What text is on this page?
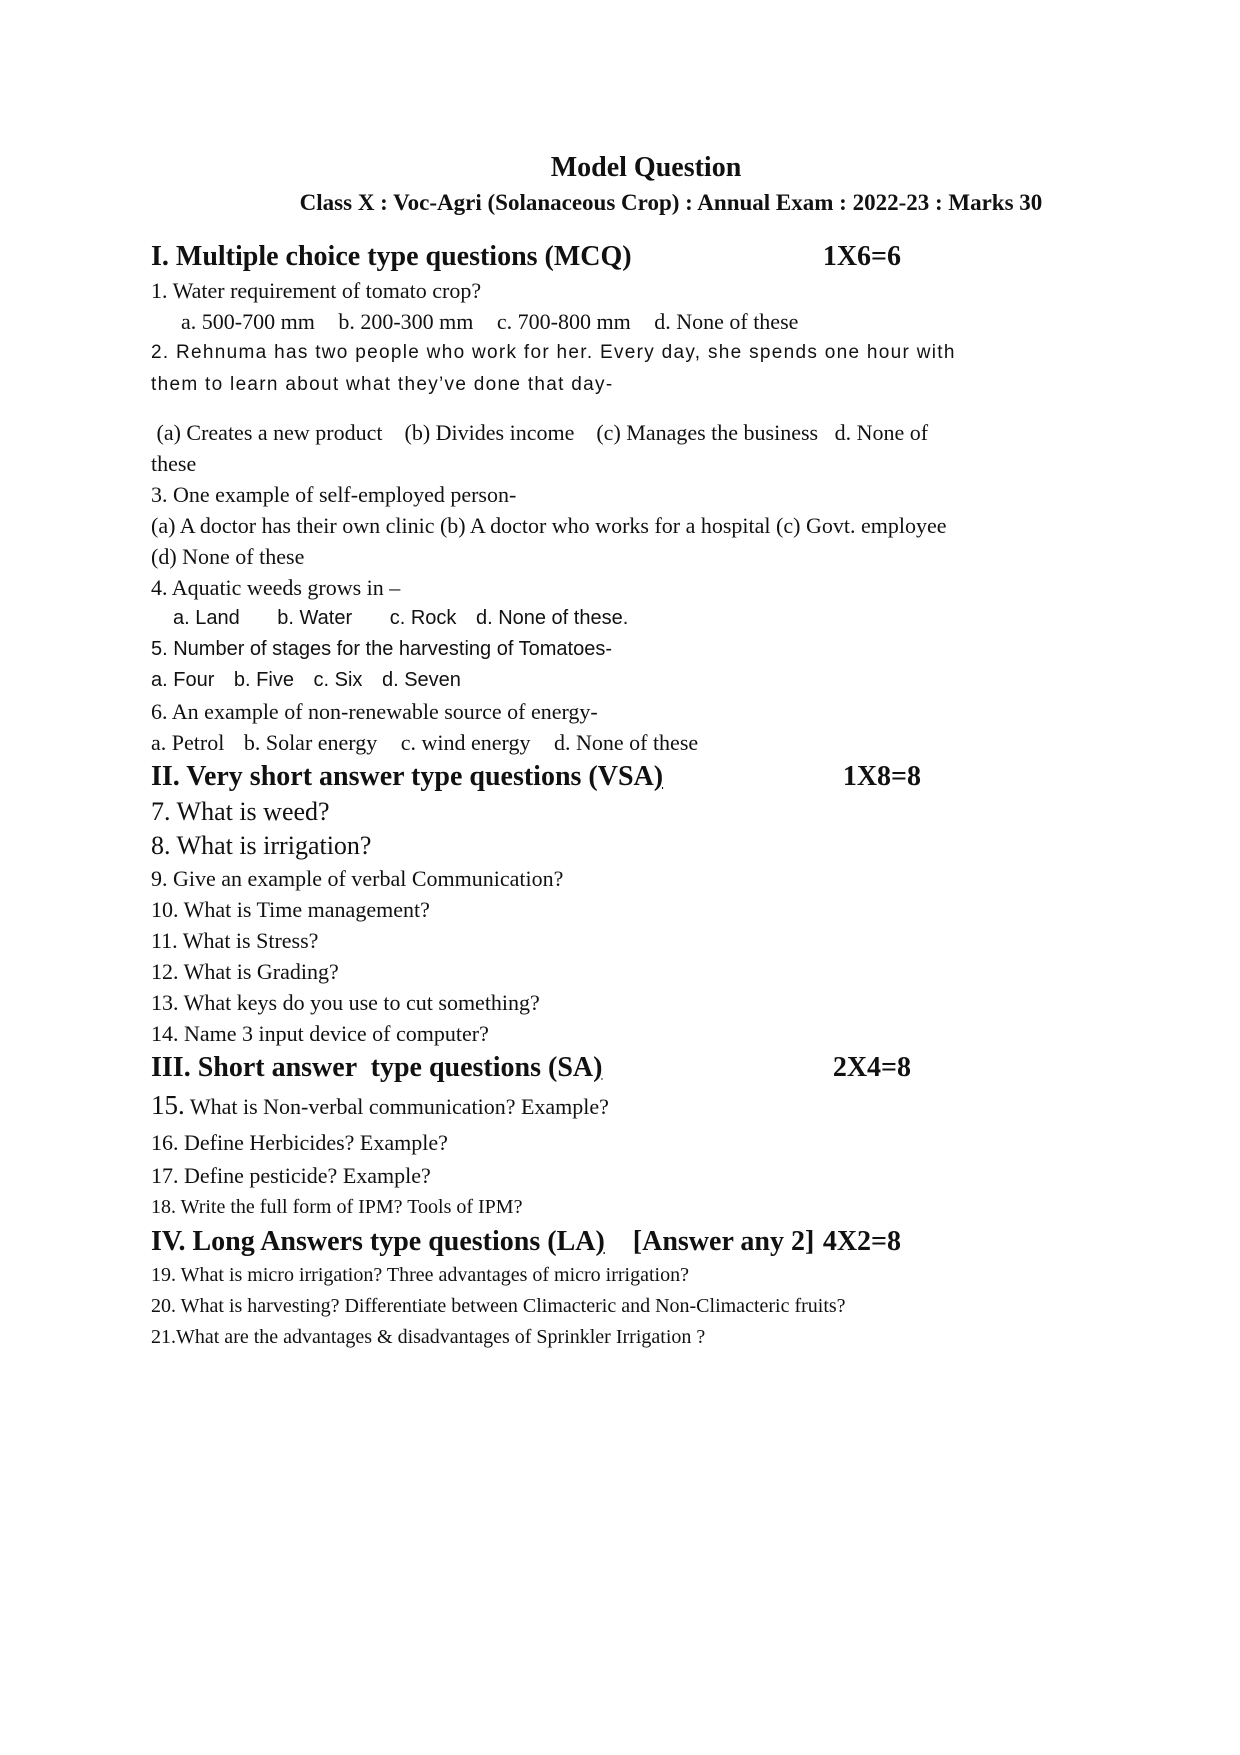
Model Question

Class X : Voc-Agri (Solanaceous Crop) : Annual Exam : 2022-23 : Marks 30

I. Multiple choice type questions (MCQ)	1X6=6

1. Water requirement of tomato crop?

a. 500-700 mm b. 200-300 mm c. 700-800 mm d. None of these

2. Rehnuma has two people who work for her. Every day, she spends one hour with

them to learn about what they’ve done that day-

(a) Creates a new product    (b) Divides income    (c) Manages the business   d. None of

these

3. One example of self-employed person-

(a) A doctor has their own clinic (b) A doctor who works for a hospital (c) Govt. employee

(d) None of these

4. Aquatic weeds grows in –

a. Land b. Water c. Rock d. None of these.

5. Number of stages for the harvesting of Tomatoes-

a. Four b. Five c. Six d. Seven

6. An example of non-renewable source of energy-

a. Petrol b. Solar energy c. wind energy d. None of these

II. Very short answer type questions (VSA)	1X8=8

7. What is weed?

8. What is irrigation?

9. Give an example of verbal Communication?

10. What is Time management?

11. What is Stress?

12. What is Grading?

13. What keys do you use to cut something?

14. Name 3 input device of computer?

III. Short answer  type questions (SA)	2X4=8

15. What is Non-verbal communication? Example?

16. Define Herbicides? Example?

17. Define pesticide? Example?

18. Write the full form of IPM? Tools of IPM?

IV. Long Answers type questions (LA)    [Answer any 2] 4X2=8

19. What is micro irrigation? Three advantages of micro irrigation?

20. What is harvesting? Differentiate between Climacteric and Non-Climacteric fruits?

21.What are the advantages & disadvantages of Sprinkler Irrigation ?
